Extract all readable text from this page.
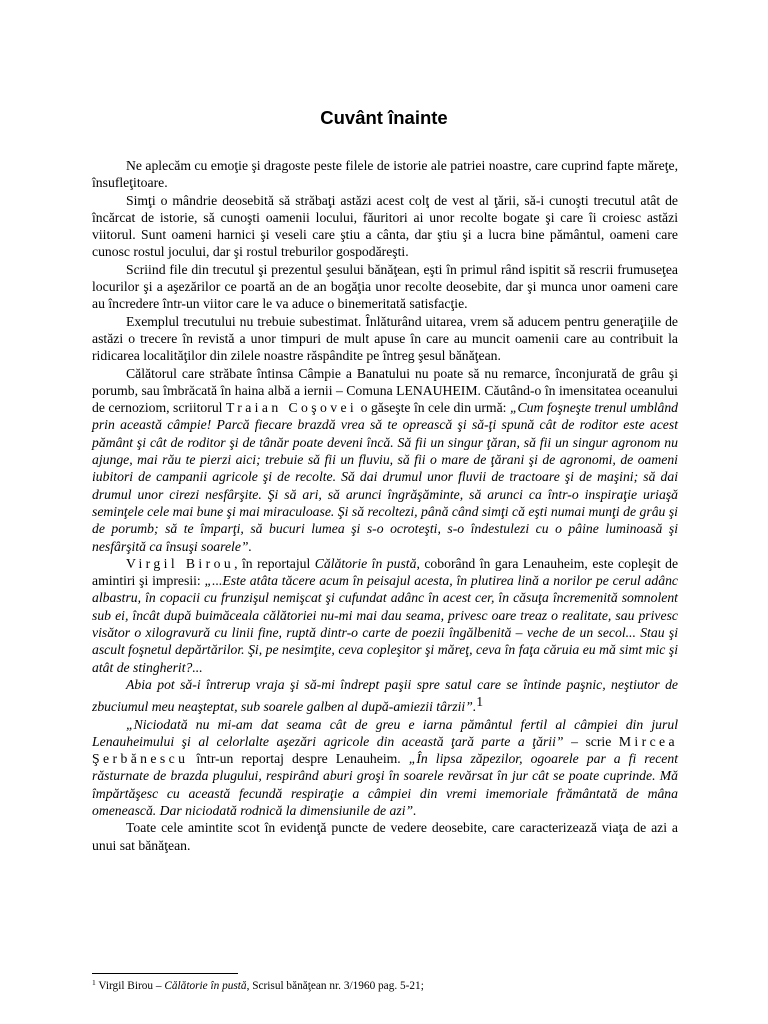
Cuvânt înainte

Ne aplecăm cu emoţie şi dragoste peste filele de istorie ale patriei noastre, care cuprind fapte măreţe, însufleţitoare.

Simţi o mândrie deosebită să străbaţi astăzi acest colţ de vest al ţării, să-i cunoşti trecutul atât de încărcat de istorie, să cunoşti oamenii locului, făuritori ai unor recolte bogate şi care îi croiesc astăzi viitorul. Sunt oameni harnici şi veseli care ştiu a cânta, dar ştiu şi a lucra bine pământul, oameni care cunosc rostul jocului, dar şi rostul treburilor gospodăreşti.

Scriind file din trecutul şi prezentul şesului bănăţean, eşti în primul rând ispitit să rescrii frumuseţea locurilor şi a aşezărilor ce poartă an de an bogăţia unor recolte deosebite, dar şi munca unor oameni care au încredere într-un viitor care le va aduce o binemeritată satisfacţie.

Exemplul trecutului nu trebuie subestimat. Înlăturând uitarea, vrem să aducem pentru generaţiile de astăzi o trecere în revistă a unor timpuri de mult apuse în care au muncit oamenii care au contribuit la ridicarea localităţilor din zilele noastre răspândite pe întreg şesul bănăţean.

Călătorul care străbate întinsa Câmpie a Banatului nu poate să nu remarce, înconjurată de grâu şi porumb, sau îmbrăcată în haina albă a iernii – Comuna LENAUHEIM. Căutând-o în imensitatea oceanului de cernoziom, scriitorul Traian Coşovei o găseşte în cele din urmă: „Cum foşneşte trenul umblând prin această câmpie! Parcă fiecare brazdă vrea să te oprească şi să-ţi spună cât de roditor este acest pământ şi cât de roditor şi de tânăr poate deveni încă. Să fii un singur ţăran, să fii un singur agronom nu ajunge, mai rău te pierzi aici; trebuie să fii un fluviu, să fii o mare de ţărani şi de agronomi, de oameni iubitori de campanii agricole şi de recolte. Să dai drumul unor fluvii de tractoare şi de maşini; să dai drumul unor cirezi nesfârşite. Şi să ari, să arunci îngrăşăminte, să arunci ca într-o inspiraţie uriaşă seminţele cele mai bune şi mai miraculoase. Şi să recoltezi, până când simţi că eşti numai munţi de grâu şi de porumb; să te împarţi, să bucuri lumea şi s-o ocroteşti, s-o îndestulezi cu o pâine luminoasă şi nesfârşită ca însuşi soarele”.

Virgil Birou, în reportajul Călătorie în pustă, coborând în gara Lenauheim, este copleşit de amintiri şi impresii: „...Este atâta tăcere acum în peisajul acesta, în plutirea lină a norilor pe cerul adânc albastru, în copacii cu frunzişul nemişcat şi cufundat adânc în acest cer, în căsuţa încremenită somnolent sub ei, încât după buimăceala călătoriei nu-mi mai dau seama, privesc oare treaz o realitate, sau privesc visător o xilogravură cu linii fine, ruptă dintr-o carte de poezii îngălbenită – veche de un secol... Stau şi ascult foşnetul depărtărilor. Şi, pe nesimţite, ceva copleşitor şi măreţ, ceva în faţa căruia eu mă simt mic şi atât de stingherit?...

Abia pot să-i întrerup vraja şi să-mi îndrept paşii spre satul care se întinde paşnic, neştiutor de zbuciumul meu neaşteptat, sub soarele galben al după-amiezii târzii”.1

„Niciodată nu mi-am dat seama cât de greu e iarna pământul fertil al câmpiei din jurul Lenauheimului şi al celorlalte aşezări agricole din această ţară parte a ţării” – scrie Mircea Şerbănescu într-un reportaj despre Lenauheim. „În lipsa zăpezilor, ogoarele par a fi recent răsturnate de brazda plugului, respirând aburi groşi în soarele revărsat în jur cât se poate cuprinde. Mă împărtăşesc cu această fecundă respiraţie a câmpiei din vremi imemoriale frământată de mâna omenească. Dar niciodată rodnică la dimensiunile de azi”.

Toate cele amintite scot în evidenţă puncte de vedere deosebite, care caracterizează viaţa de azi a unui sat bănăţean.

$^1$ Virgil Birou – Călătorie în pustă, Scrisul bănăţean nr. 3/1960 pag. 5-21;
